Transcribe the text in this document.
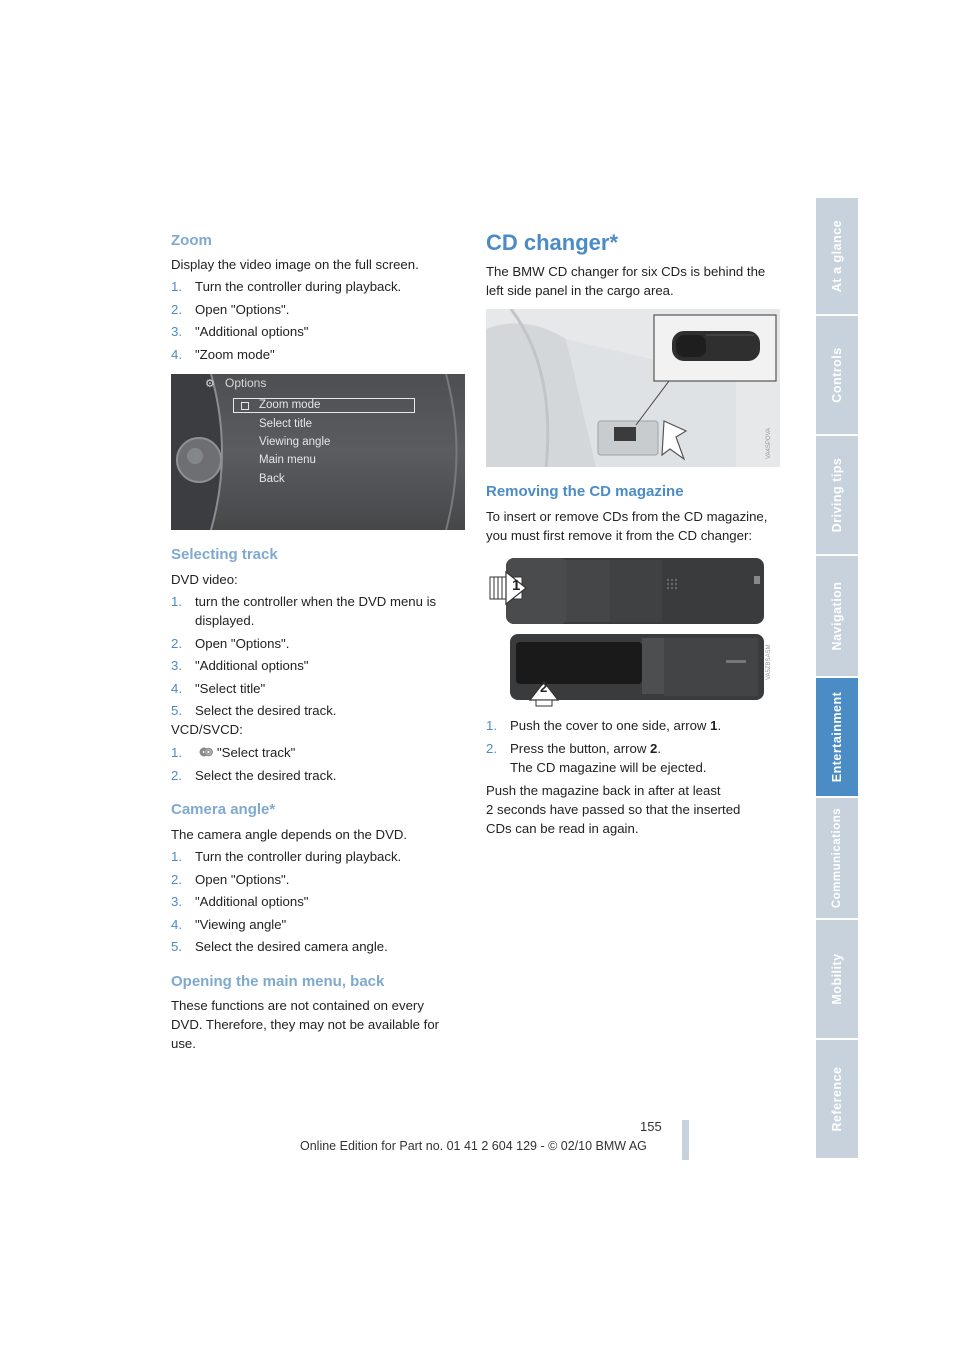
At a glance
Controls
Driving tips
Navigation
Entertainment
Communications
Mobility
Reference
Zoom

Display the video image on the full screen.

1. Turn the controller during playback.
2. Open "Options".
3. "Additional options"
4. "Zoom mode"
⚙ Options
Zoom mode
Select title
Viewing angle
Main menu
Back
Selecting track

DVD video:

1. turn the controller when the DVD menu is
displayed.
2. Open "Options".
3. "Additional options"
4. "Select title"
5. Select the desired track.

VCD/SVCD:

1.	"Select track"
2. Select the desired track.
Camera angle*

The camera angle depends on the DVD.

1. Turn the controller during playback.
2. Open "Options".
3. "Additional options"
4. "Viewing angle"
5. Select the desired camera angle.
Opening the main menu, back

These functions are not contained on every

DVD. Therefore, they may not be available for

use.

CD changer*

The BMW CD changer for six CDs is behind the

left side panel in the cargo area.

VA4SPOVA
Removing the CD magazine

To insert or remove CDs from the CD magazine,

you must first remove it from the CD changer:

VA5ZBSASM
1
2
1. Push the cover to one side, arrow 1.
2. Press the button, arrow 2.
The CD magazine will be ejected.

Push the magazine back in after at least

2 seconds have passed so that the inserted

CDs can be read in again.

155
Online Edition for Part no. 01 41 2 604 129 - © 02/10 BMW AG
